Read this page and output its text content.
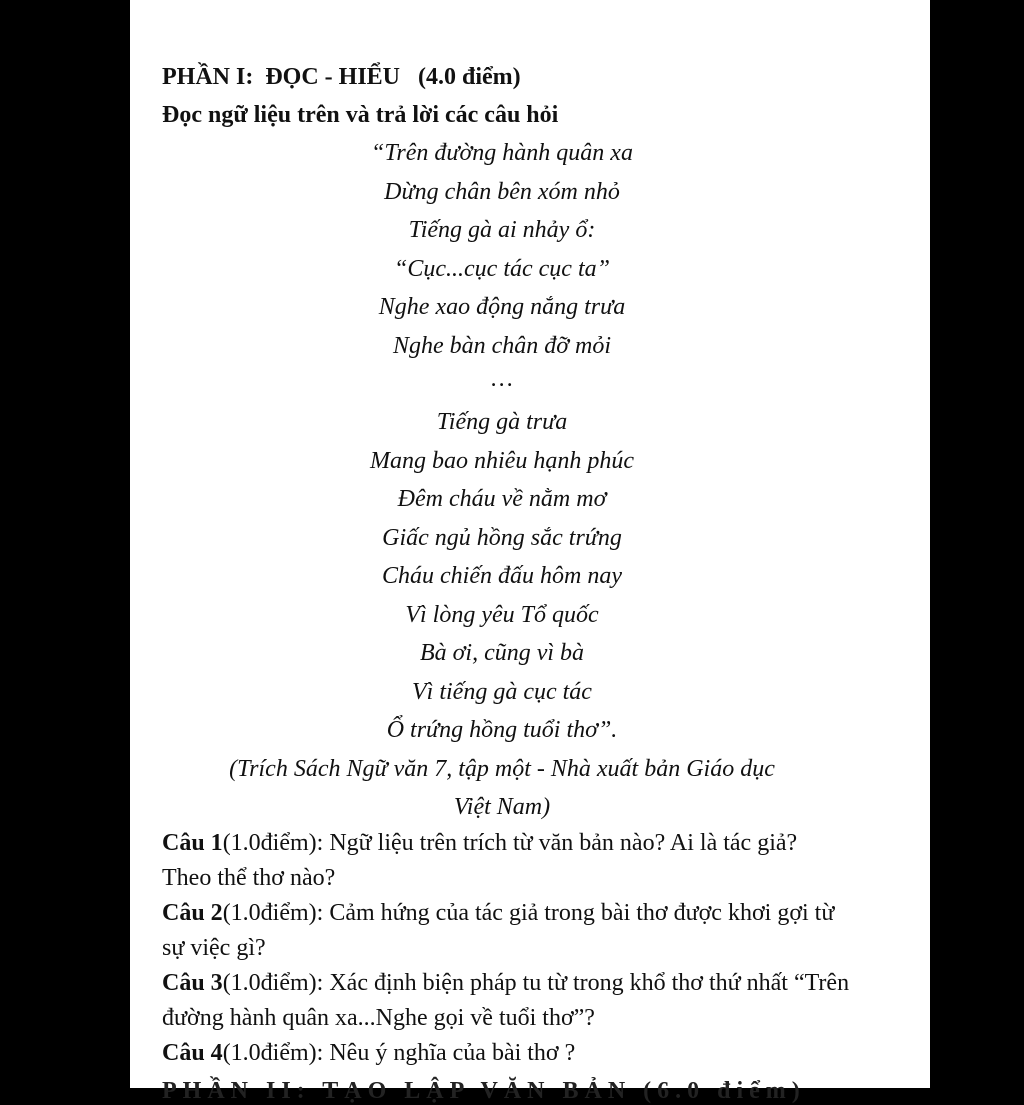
PHẦN I:  ĐỌC - HIỂU   (4.0 điểm)

Đọc ngữ liệu trên và trả lời các câu hỏi

“Trên đường hành quân xa
Dừng chân bên xóm nhỏ
Tiếng gà ai nhảy ổ:
“Cục...cục tác cục ta”
Nghe xao động nắng trưa
Nghe bàn chân đỡ mỏi
…
Tiếng gà trưa
Mang bao nhiêu hạnh phúc
Đêm cháu về nằm mơ
Giấc ngủ hồng sắc trứng
Cháu chiến đấu hôm nay
Vì lòng yêu Tổ quốc
Bà ơi, cũng vì bà
Vì tiếng gà cục tác
Ổ trứng hồng tuổi thơ”.

(Trích Sách Ngữ văn 7, tập một - Nhà xuất bản Giáo dục
Việt Nam)

Câu 1(1.0điểm): Ngữ liệu trên trích từ văn bản nào? Ai là tác giả? Theo thể thơ nào?
Câu 2(1.0điểm): Cảm hứng của tác giả trong bài thơ được khơi gợi từ sự việc gì?
Câu 3(1.0điểm): Xác định biện pháp tu từ trong khổ thơ thứ nhất “Trên đường hành quân xa...Nghe gọi về tuổi thơ”?
Câu 4(1.0điểm): Nêu ý nghĩa của bài thơ ?
PHẦN II: TẠO LẬP VĂN BẢN (6.0 điểm)
